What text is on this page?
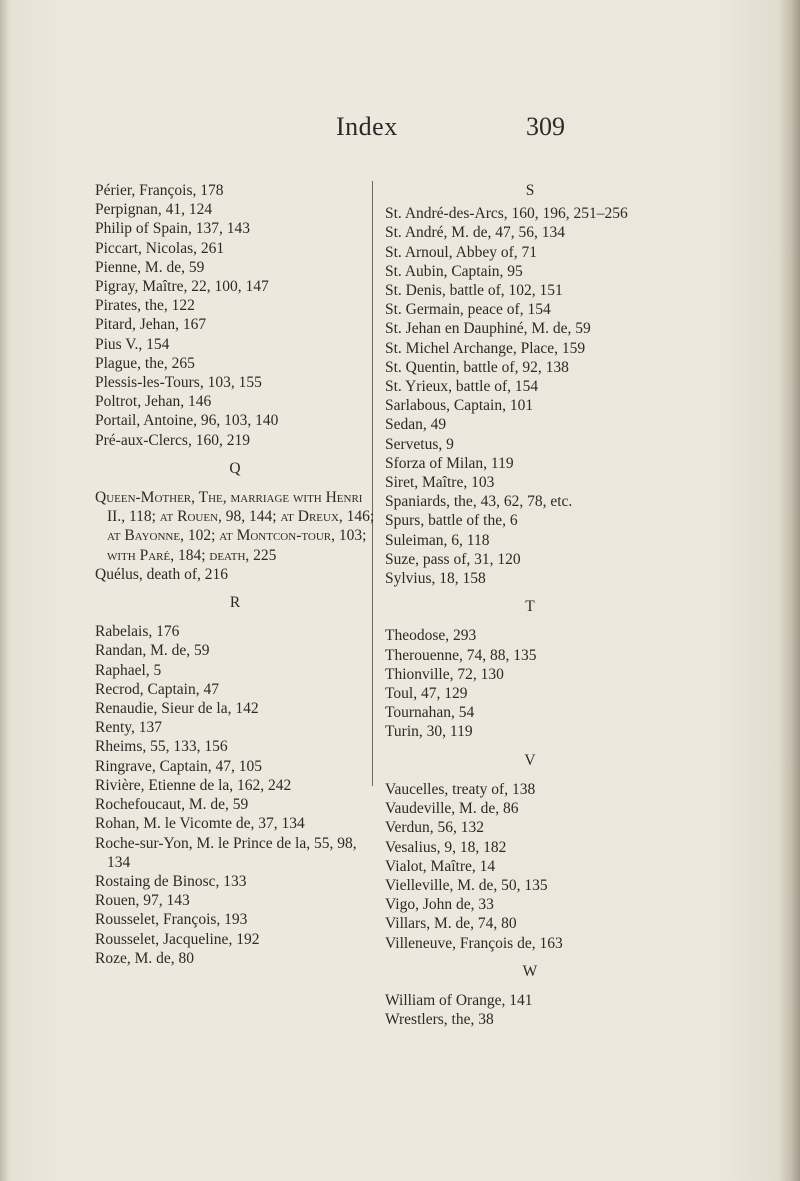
Index	309
Périer, François, 178
Perpignan, 41, 124
Philip of Spain, 137, 143
Piccart, Nicolas, 261
Pienne, M. de, 59
Pigray, Maître, 22, 100, 147
Pirates, the, 122
Pitard, Jehan, 167
Pius V., 154
Plague, the, 265
Plessis-les-Tours, 103, 155
Poltrot, Jehan, 146
Portail, Antoine, 96, 103, 140
Pré-aux-Clercs, 160, 219
Q
Queen-Mother, The, marriage with Henri II., 118; at Rouen, 98, 144; at Dreux, 146; at Bayonne, 102; at Montcon-tour, 103; with Paré, 184; death, 225
Quélus, death of, 216
R
Rabelais, 176
Randan, M. de, 59
Raphael, 5
Recrod, Captain, 47
Renaudie, Sieur de la, 142
Renty, 137
Rheims, 55, 133, 156
Ringrave, Captain, 47, 105
Rivière, Etienne de la, 162, 242
Rochefoucaut, M. de, 59
Rohan, M. le Vicomte de, 37, 134
Roche-sur-Yon, M. le Prince de la, 55, 98, 134
Rostaing de Binosc, 133
Rouen, 97, 143
Rousselet, François, 193
Rousselet, Jacqueline, 192
Roze, M. de, 80
S
St. André-des-Arcs, 160, 196, 251–256
St. André, M. de, 47, 56, 134
St. Arnoul, Abbey of, 71
St. Aubin, Captain, 95
St. Denis, battle of, 102, 151
St. Germain, peace of, 154
St. Jehan en Dauphiné, M. de, 59
St. Michel Archange, Place, 159
St. Quentin, battle of, 92, 138
St. Yrieux, battle of, 154
Sarlabous, Captain, 101
Sedan, 49
Servetus, 9
Sforza of Milan, 119
Siret, Maître, 103
Spaniards, the, 43, 62, 78, etc.
Spurs, battle of the, 6
Suleiman, 6, 118
Suze, pass of, 31, 120
Sylvius, 18, 158
T
Theodose, 293
Therouenne, 74, 88, 135
Thionville, 72, 130
Toul, 47, 129
Tournahan, 54
Turin, 30, 119
V
Vaucelles, treaty of, 138
Vaudeville, M. de, 86
Verdun, 56, 132
Vesalius, 9, 18, 182
Vialot, Maître, 14
Vielleville, M. de, 50, 135
Vigo, John de, 33
Villars, M. de, 74, 80
Villeneuve, François de, 163
W
William of Orange, 141
Wrestlers, the, 38
